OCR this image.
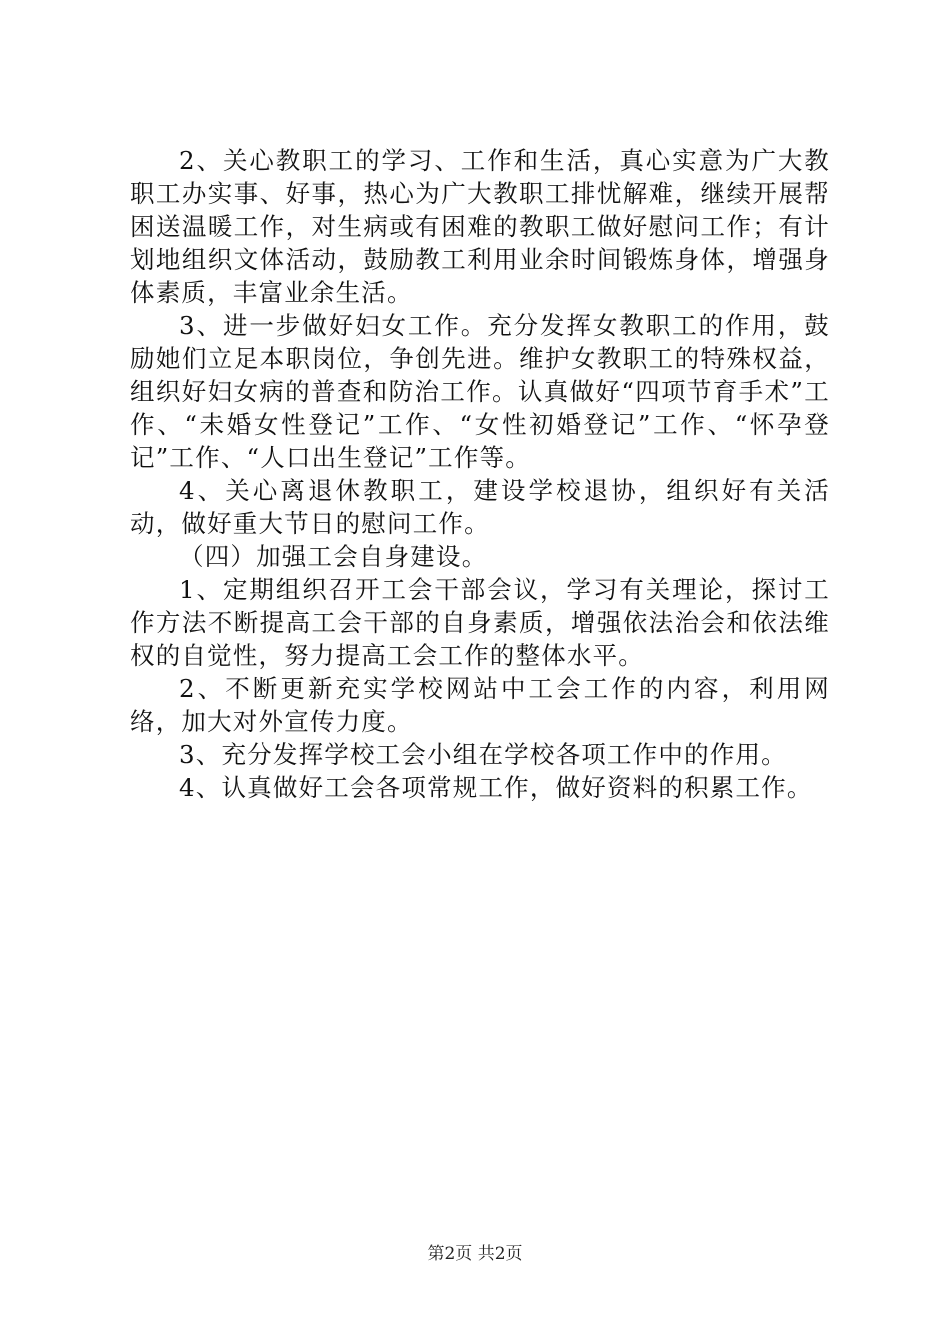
2、关心教职工的学习、工作和生活，真心实意为广大教职工办实事、好事，热心为广大教职工排忧解难，继续开展帮困送温暖工作，对生病或有困难的教职工做好慰问工作；有计划地组织文体活动，鼓励教工利用业余时间锻炼身体，增强身体素质，丰富业余生活。

3、进一步做好妇女工作。充分发挥女教职工的作用，鼓励她们立足本职岗位，争创先进。维护女教职工的特殊权益，组织好妇女病的普查和防治工作。认真做好“四项节育手术”工作、“未婚女性登记”工作、“女性初婚登记”工作、“怀孕登记”工作、“人口出生登记”工作等。

4、关心离退休教职工，建设学校退协，组织好有关活动，做好重大节日的慰问工作。

（四）加强工会自身建设。

1、定期组织召开工会干部会议，学习有关理论，探讨工作方法不断提高工会干部的自身素质，增强依法治会和依法维权的自觉性，努力提高工会工作的整体水平。

2、不断更新充实学校网站中工会工作的内容，利用网络，加大对外宣传力度。

3、充分发挥学校工会小组在学校各项工作中的作用。

4、认真做好工会各项常规工作，做好资料的积累工作。

第2页 共2页
